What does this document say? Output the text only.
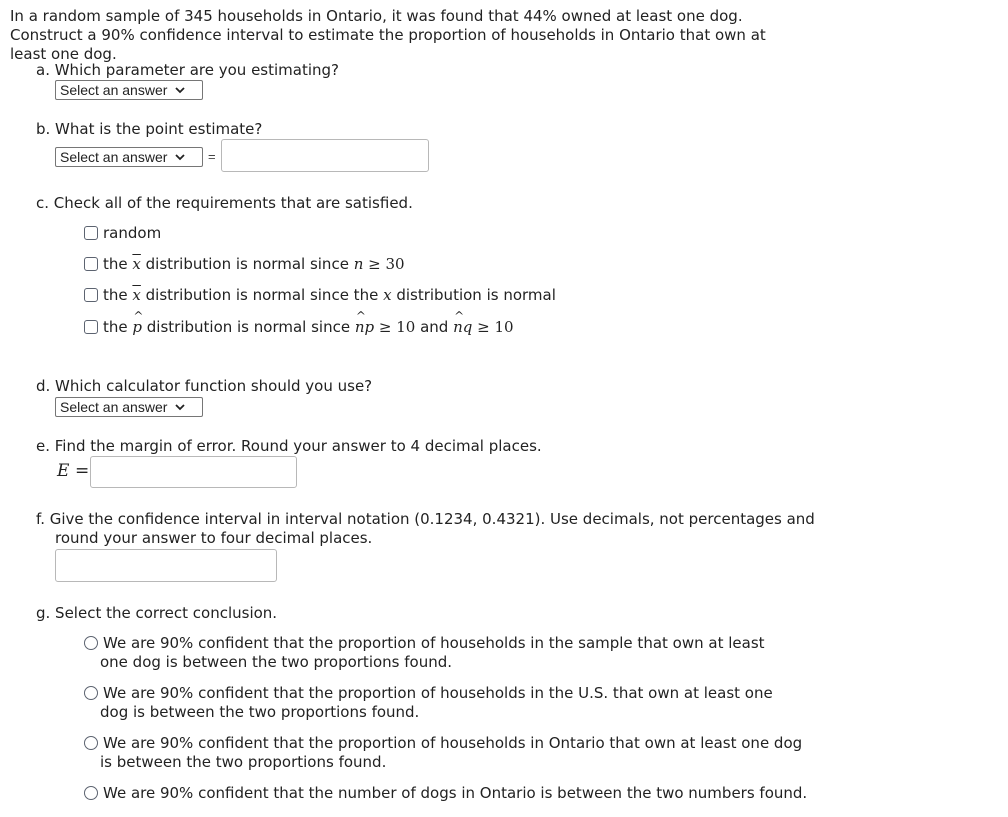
In a random sample of 345 households in Ontario, it was found that 44% owned at least one dog. Construct a 90% confidence interval to estimate the proportion of households in Ontario that own at least one dog.
a. Which parameter are you estimating?
Select an answer
b. What is the point estimate?
Select an answer	=
c. Check all of the requirements that are satisfied.
random
the $\overline{x}$ distribution is normal since n ≥ 30
the $\overline{x}$ distribution is normal since the x distribution is normal
the p ^ distribution is normal since np ^ ≥ 10 and nq ^ ≥ 10
d. Which calculator function should you use?
Select an answer
e. Find the margin of error. Round your answer to 4 decimal places.
E =
f. Give the confidence interval in interval notation (0.1234, 0.4321). Use decimals, not percentages and
round your answer to four decimal places.
g. Select the correct conclusion.
We are 90% confident that the proportion of households in the sample that own at least one dog is between the two proportions found.
We are 90% confident that the proportion of households in the U.S. that own at least one dog is between the two proportions found.
We are 90% confident that the proportion of households in Ontario that own at least one dog is between the two proportions found.
We are 90% confident that the number of dogs in Ontario is between the two numbers found.
